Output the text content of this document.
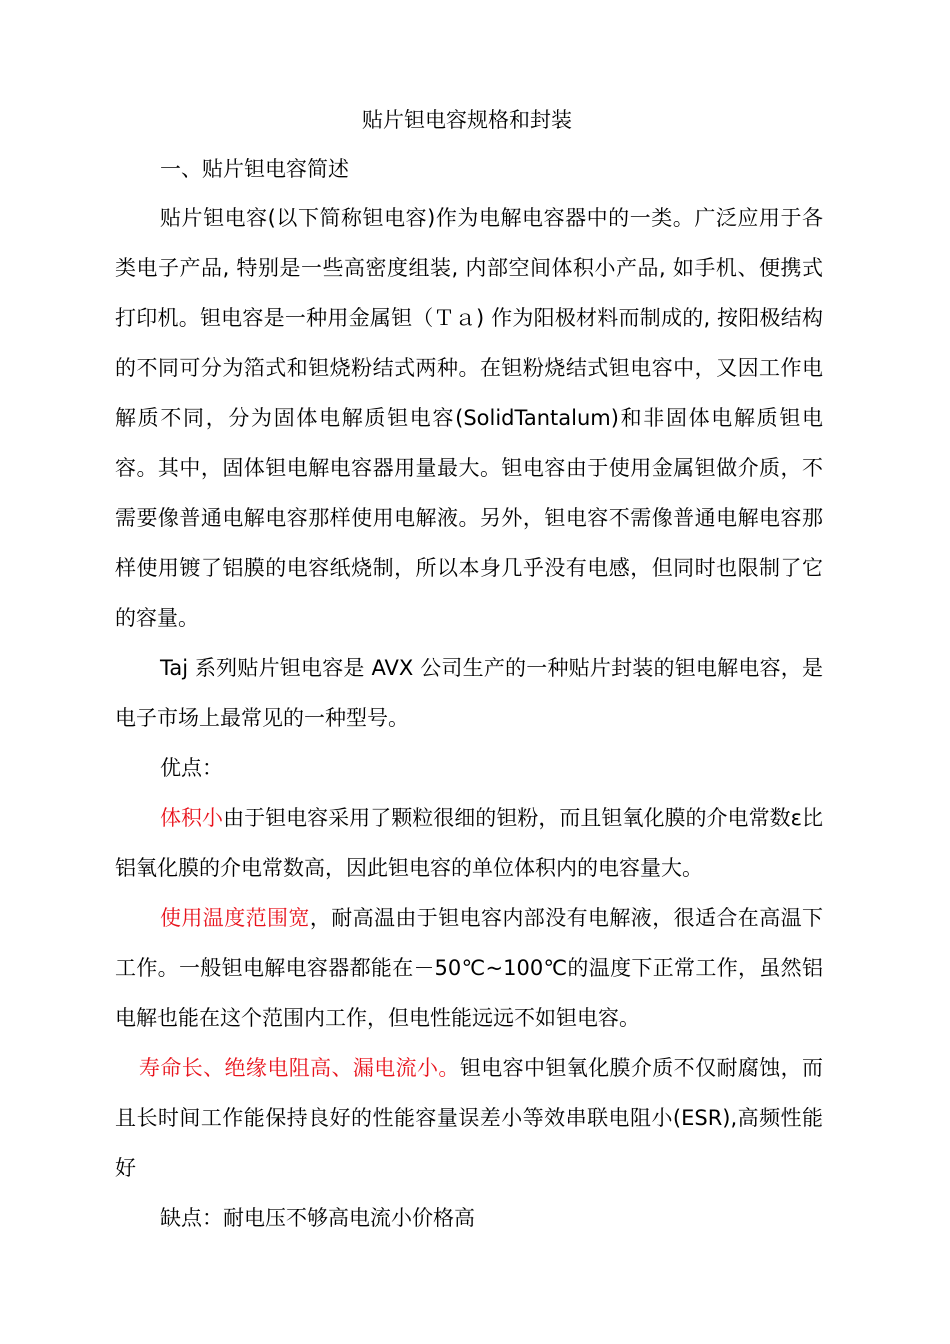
贴片钽电容规格和封装
一、贴片钽电容简述
贴片钽电容(以下简称钽电容)作为电解电容器中的一类。广泛应用于各类电子产品, 特别是一些高密度组装, 内部空间体积小产品, 如手机、便携式打印机。钽电容是一种用金属钽（Ｔａ) 作为阳极材料而制成的, 按阳极结构的不同可分为箔式和钽烧粉结式两种。在钽粉烧结式钽电容中，又因工作电解质不同，分为固体电解质钽电容(SolidTantalum)和非固体电解质钽电容。其中，固体钽电解电容器用量最大。钽电容由于使用金属钽做介质，不需要像普通电解电容那样使用电解液。另外，钽电容不需像普通电解电容那样使用镀了铝膜的电容纸烧制，所以本身几乎没有电感，但同时也限制了它的容量。
Taj 系列贴片钽电容是 AVX 公司生产的一种贴片封装的钽电解电容，是电子市场上最常见的一种型号。
优点：
体积小由于钽电容采用了颗粒很细的钽粉，而且钽氧化膜的介电常数ε比铝氧化膜的介电常数高，因此钽电容的单位体积内的电容量大。
使用温度范围宽，耐高温由于钽电容内部没有电解液，很适合在高温下工作。一般钽电解电容器都能在－50℃~100℃的温度下正常工作，虽然铝电解也能在这个范围内工作，但电性能远远不如钽电容。
寿命长、绝缘电阻高、漏电流小。钽电容中钽氧化膜介质不仅耐腐蚀，而且长时间工作能保持良好的性能容量误差小等效串联电阻小(ESR),高频性能好
缺点：耐电压不够高电流小价格高
